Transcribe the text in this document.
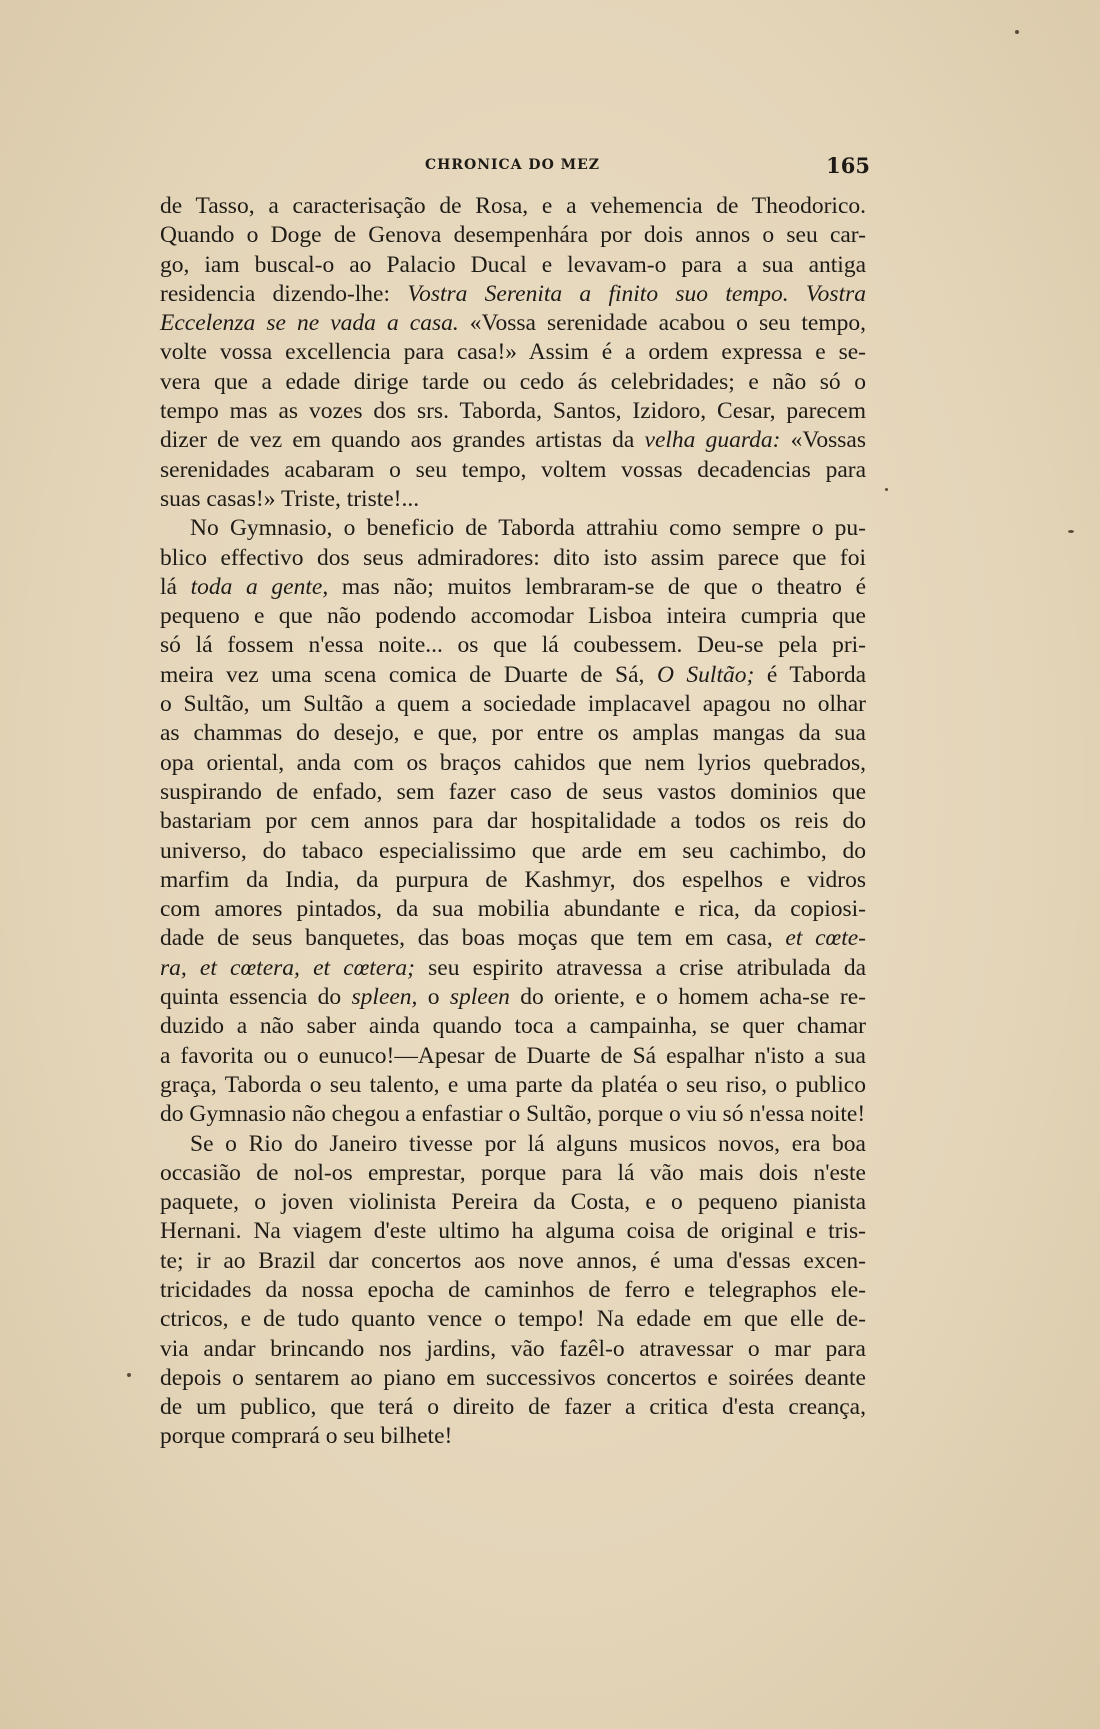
CHRONICA DO MEZ	165
de Tasso, a caracterisação de Rosa, e a vehemencia de Theodorico.
Quando o Doge de Genova desempenhára por dois annos o seu car-
go, iam buscal-o ao Palacio Ducal e levavam-o para a sua antiga
residencia dizendo-lhe: Vostra Serenita a finito suo tempo. Vostra
Eccelenza se ne vada a casa. «Vossa serenidade acabou o seu tempo,
volte vossa excellencia para casa!» Assim é a ordem expressa e se-
vera que a edade dirige tarde ou cedo ás celebridades; e não só o
tempo mas as vozes dos srs. Taborda, Santos, Izidoro, Cesar, parecem
dizer de vez em quando aos grandes artistas da velha guarda: «Vossas
serenidades acabaram o seu tempo, voltem vossas decadencias para
suas casas!» Triste, triste!...
No Gymnasio, o beneficio de Taborda attrahiu como sempre o pu-
blico effectivo dos seus admiradores: dito isto assim parece que foi
lá toda a gente, mas não; muitos lembraram-se de que o theatro é
pequeno e que não podendo accomodar Lisboa inteira cumpria que
só lá fossem n'essa noite... os que lá coubessem. Deu-se pela pri-
meira vez uma scena comica de Duarte de Sá, O Sultão; é Taborda
o Sultão, um Sultão a quem a sociedade implacavel apagou no olhar
as chammas do desejo, e que, por entre os amplas mangas da sua
opa oriental, anda com os braços cahidos que nem lyrios quebrados,
suspirando de enfado, sem fazer caso de seus vastos dominios que
bastariam por cem annos para dar hospitalidade a todos os reis do
universo, do tabaco especialissimo que arde em seu cachimbo, do
marfim da India, da purpura de Kashmyr, dos espelhos e vidros
com amores pintados, da sua mobilia abundante e rica, da copiosi-
dade de seus banquetes, das boas moças que tem em casa, et cœte-
ra, et cœtera, et cœtera; seu espirito atravessa a crise atribulada da
quinta essencia do spleen, o spleen do oriente, e o homem acha-se re-
duzido a não saber ainda quando toca a campainha, se quer chamar
a favorita ou o eunuco!—Apesar de Duarte de Sá espalhar n'isto a sua
graça, Taborda o seu talento, e uma parte da platéa o seu riso, o publico
do Gymnasio não chegou a enfastiar o Sultão, porque o viu só n'essa noite!
Se o Rio do Janeiro tivesse por lá alguns musicos novos, era boa
occasião de nol-os emprestar, porque para lá vão mais dois n'este
paquete, o joven violinista Pereira da Costa, e o pequeno pianista
Hernani. Na viagem d'este ultimo ha alguma coisa de original e tris-
te; ir ao Brazil dar concertos aos nove annos, é uma d'essas excen-
tricidades da nossa epocha de caminhos de ferro e telegraphos ele-
ctricos, e de tudo quanto vence o tempo! Na edade em que elle de-
via andar brincando nos jardins, vão fazêl-o atravessar o mar para
depois o sentarem ao piano em successivos concertos e soirées deante
de um publico, que terá o direito de fazer a critica d'esta creança,
porque comprará o seu bilhete!
